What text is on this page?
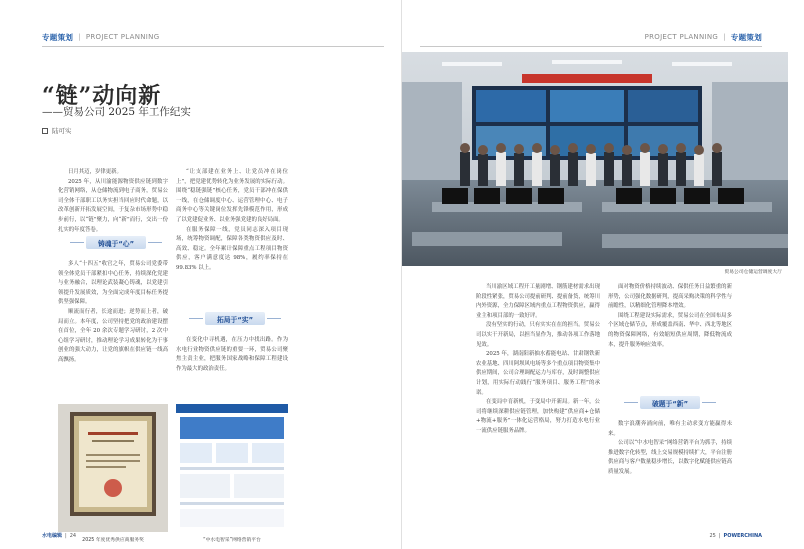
专题策划 | PROJECT PLANNING
“链”动向新
——贸易公司 2025 年工作纪实
陆可实

日月其迈，岁律更新。

2025 年，从川渝能源物资供应链到数字化营销网络，从仓储物流到电子商务，贸易公司全体干部职工以务实担当回应时代命题，以改革创新开拓发展空间，于复杂市场形势中稳步前行，以“链”聚力，向“新”而行，交出一份扎实的年度答卷。

铸魂于“心”

多人“十四五”收官之年，贸易公司党委带领全体党员干部紧扣中心任务，持续深化党建与业务融合，以理论武装凝心铸魂，以党建引领提升发展质效，为全面完成年度目标任务提供坚强保障。

顺流而行者，长途而进；逆势而上者，破局而立。本年度，公司坚持把党的政治建设摆在首位，全年 20 余次专题学习研讨，2 次中心组学习研讨，推动理论学习成果转化为干事创业的强大动力，让党的旗帜在供应链一线高高飘扬。

“让支部建在业务上、让党员冲在岗位上”，把党建优势转化为业务发展的实际行动。围绕“稳链强链”核心任务，党员干部冲在保供一线，在仓储调度中心、运营管理中心、电子商务中心等关键岗位发挥先锋模范作用，形成了以党建促业务、以业务强党建的良好局面。

在服务保障一线，党员同志深入项目现场，统筹物资调配，保障各类物资供应及时、高效、稳定。全年累计保障重点工程项目物资供应，客户满意度达 98%，履约率保持在 99.83% 以上。

拓局于“实”

在变化中寻机遇，在压力中找出路。作为水电行业物资供应链的重要一环，贸易公司聚焦主责主业，把服务国家战略和保障工程建设作为最大的政治责任。

2025 年度优秀供应商服务奖	“中水电智采”网络营销平台
水电编辑 | 24
PROJECT PLANNING | 专题策划
贸易公司仓储运营调度大厅

当川渝区域工程开工量剧增、钢筋建材需求出现阶段性紧张，贸易公司提前研判、提前备货，统筹川内外资源，全力保障区域内重点工程物资供应，赢得业主和项目部的一致好评。

没有坚实的行动，只有实实在在的担当。贸易公司以实干开新局，以担当显作为，推动各项工作落地见效。

2025 年，湖南阳新抽水蓄能电站、甘肃钢铁新农业基地、四川阿坝风电场等多个重点项目物资集中供应期间，公司合理调配运力与库存，及时调整供应计划，用实际行动践行“服务项目、服务工程”的承诺。

在变局中育新机，于变局中开新局。新一年，公司将继续深耕供应链管理，加快构建“供应商+仓储+物流+服务”一体化运营格局，努力打造水电行业一流供应链服务品牌。

面对物资价格持续波动、保供任务日益繁重的新形势，公司强化数据研判，提高采购决策的科学性与前瞻性，以精细化管理降本增效。

围绕工程建设实际需求，贸易公司在全国布局多个区域仓储节点，形成覆盖西南、华中、西北等地区的物资保障网络，有效缩短供应周期，降低物流成本，提升服务响应效率。

破题于“新”

数字浪潮奔涌向前，唯有主动求变方能赢得未来。

公司以“中水电智采”网络营销平台为抓手，持续推进数字化转型，线上交易规模持续扩大，平台注册供应商与客户数量稳步增长，以数字化赋能供应链高质量发展。

25 | POWERCHINA
